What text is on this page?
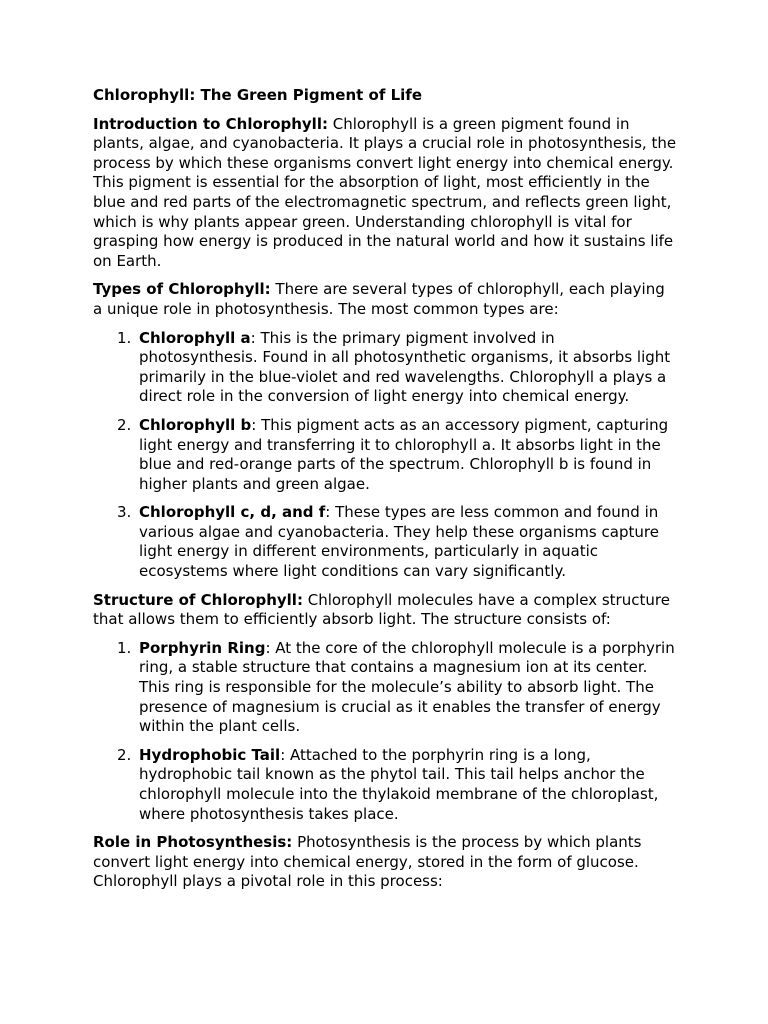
Chlorophyll: The Green Pigment of Life

Introduction to Chlorophyll: Chlorophyll is a green pigment found in plants, algae, and cyanobacteria. It plays a crucial role in photosynthesis, the process by which these organisms convert light energy into chemical energy. This pigment is essential for the absorption of light, most efficiently in the blue and red parts of the electromagnetic spectrum, and reflects green light, which is why plants appear green. Understanding chlorophyll is vital for grasping how energy is produced in the natural world and how it sustains life on Earth.

Types of Chlorophyll: There are several types of chlorophyll, each playing a unique role in photosynthesis. The most common types are:

1. Chlorophyll a: This is the primary pigment involved in photosynthesis. Found in all photosynthetic organisms, it absorbs light primarily in the blue-violet and red wavelengths. Chlorophyll a plays a direct role in the conversion of light energy into chemical energy.
2. Chlorophyll b: This pigment acts as an accessory pigment, capturing light energy and transferring it to chlorophyll a. It absorbs light in the blue and red-orange parts of the spectrum. Chlorophyll b is found in higher plants and green algae.
3. Chlorophyll c, d, and f: These types are less common and found in various algae and cyanobacteria. They help these organisms capture light energy in different environments, particularly in aquatic ecosystems where light conditions can vary significantly.

Structure of Chlorophyll: Chlorophyll molecules have a complex structure that allows them to efficiently absorb light. The structure consists of:

1. Porphyrin Ring: At the core of the chlorophyll molecule is a porphyrin ring, a stable structure that contains a magnesium ion at its center. This ring is responsible for the molecule’s ability to absorb light. The presence of magnesium is crucial as it enables the transfer of energy within the plant cells.
2. Hydrophobic Tail: Attached to the porphyrin ring is a long, hydrophobic tail known as the phytol tail. This tail helps anchor the chlorophyll molecule into the thylakoid membrane of the chloroplast, where photosynthesis takes place.

Role in Photosynthesis: Photosynthesis is the process by which plants convert light energy into chemical energy, stored in the form of glucose. Chlorophyll plays a pivotal role in this process:
